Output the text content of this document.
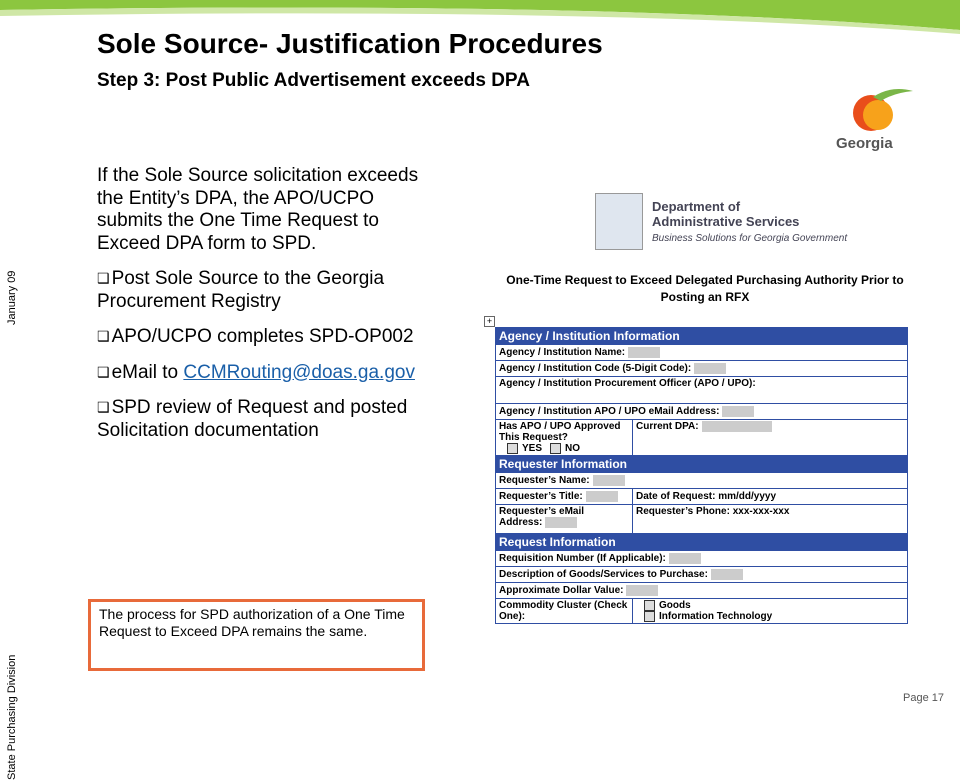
Sole Source- Justification Procedures
Step 3: Post Public Advertisement exceeds DPA
January 09
State Purchasing Division
Georgia

If the Sole Source solicitation exceeds the Entity’s DPA, the APO/UCPO submits the One Time Request to Exceed DPA form to SPD.

❑ Post Sole Source to the Georgia Procurement Registry

❑ APO/UCPO completes SPD-OP002

❑ eMail to CCMRouting@doas.ga.gov

❑ SPD review of Request and posted Solicitation documentation

The process for SPD authorization of a One Time Request to Exceed DPA remains the same.
Department of Administrative Services
Business Solutions for Georgia Government
One-Time Request to Exceed Delegated Purchasing Authority Prior to Posting an RFX
+
Agency / Institution Information	
Agency / Institution Name:	
Agency / Institution Code (5-Digit Code):	
Agency / Institution Procurement Officer (APO / UPO):	
Agency / Institution APO / UPO eMail Address:	
Has APO / UPO Approved This Request?
YES NO	Current DPA:
Requester Information	
Requester’s Name:	
Requester’s Title:	Date of Request: mm/dd/yyyy
Requester’s eMail Address:	Requester’s Phone: xxx-xxx-xxx
Request Information	
Requisition Number (If Applicable):	
Description of Goods/Services to Purchase:	
Approximate Dollar Value:	
Commodity Cluster (Check One):	Goods
Information Technology
Page 17
